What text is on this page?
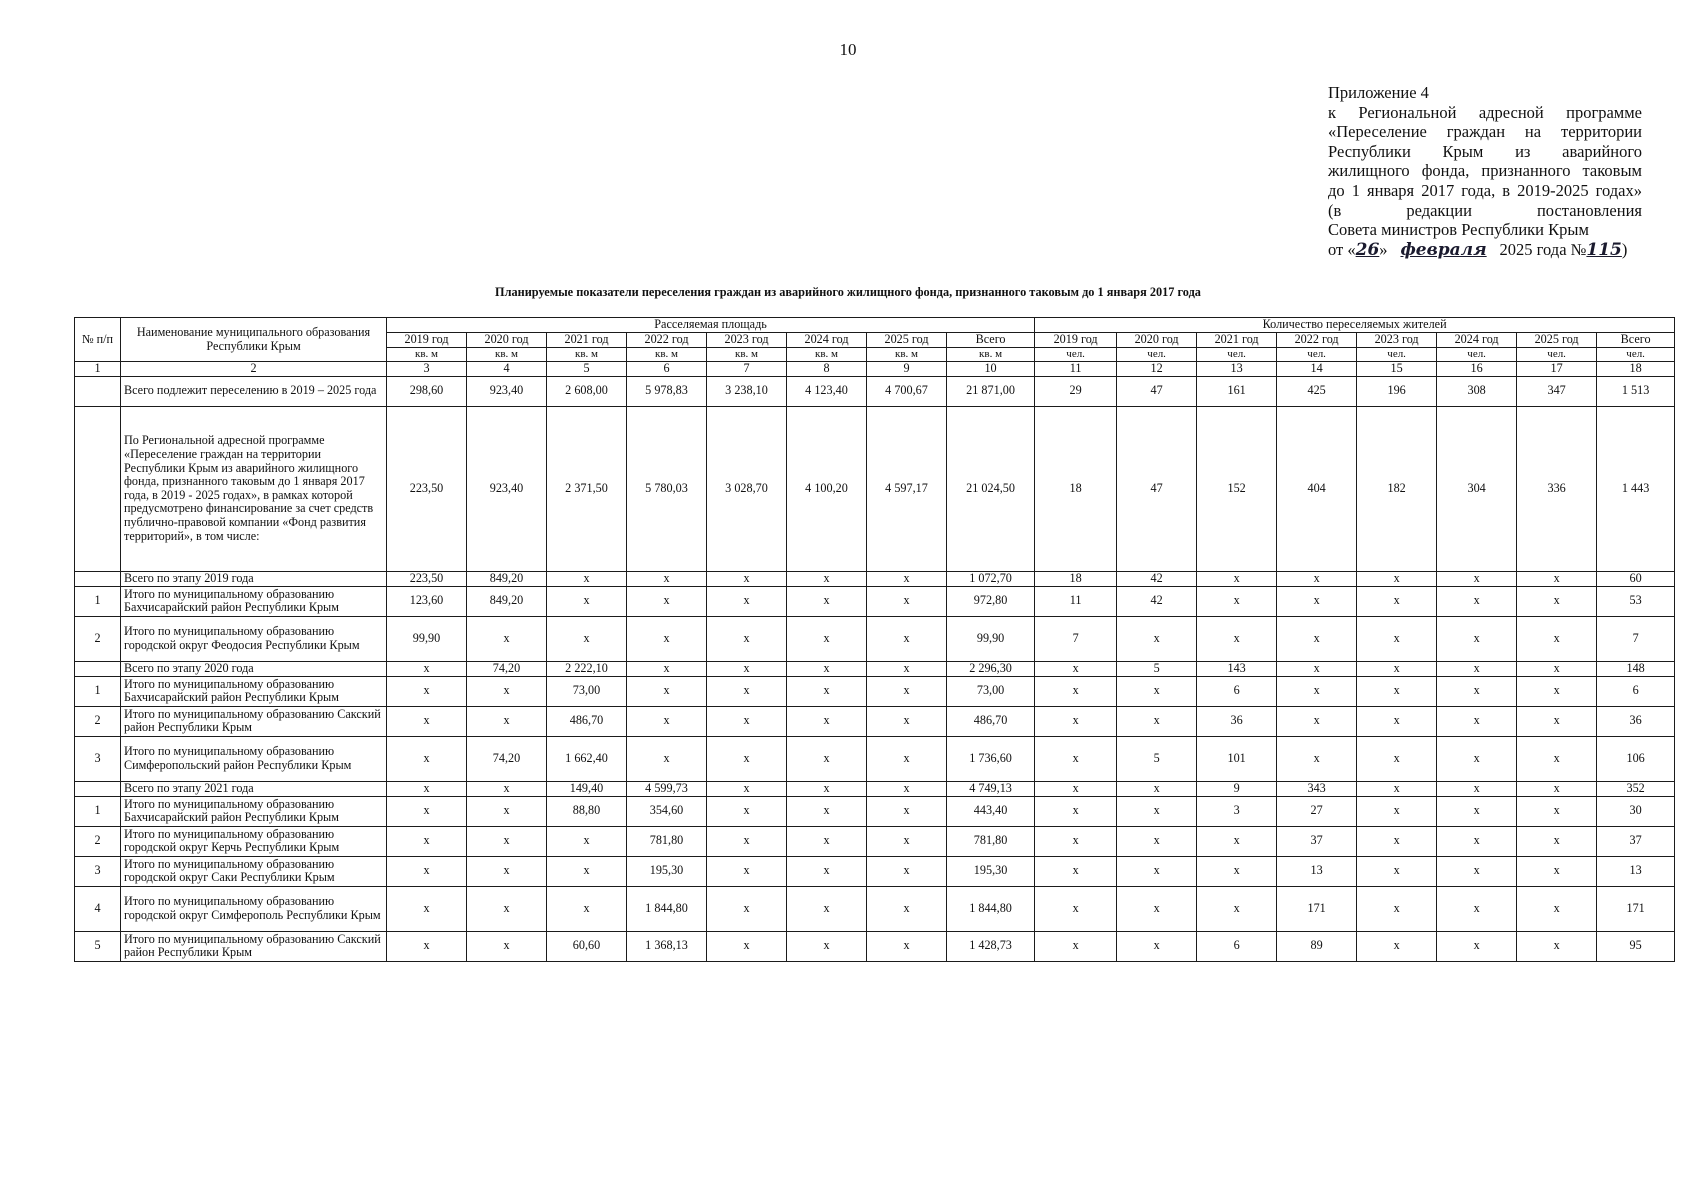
10
Приложение 4
к Региональной адресной программе
«Переселение граждан на территории
Республики Крым из аварийного
жилищного фонда, признанного таковым
до 1 января 2017 года, в 2019-2025 годах»
(в редакции постановления
Совета министров Республики Крым
от « 26 » февраля 2025 года № 115 )
Планируемые показатели переселения граждан из аварийного жилищного фонда, признанного таковым до 1 января 2017 года
№ п/п	Наименование муниципального образования Республики Крым	Расселяемая площадь								Количество переселяемых жителей							
		2019 год	2020 год	2021 год	2022 год	2023 год	2024 год	2025 год	Всего	2019 год	2020 год	2021 год	2022 год	2023 год	2024 год	2025 год	Всего
		кв. м	кв. м	кв. м	кв. м	кв. м	кв. м	кв. м	кв. м	чел.	чел.	чел.	чел.	чел.	чел.	чел.	чел.
1	2	3	4	5	6	7	8	9	10	11	12	13	14	15	16	17	18
	Всего подлежит переселению в 2019 – 2025 года	298,60	923,40	2 608,00	5 978,83	3 238,10	4 123,40	4 700,67	21 871,00	29	47	161	425	196	308	347	1 513
	По Региональной адресной программе «Переселение граждан на территории Республики Крым из аварийного жилищного фонда, признанного таковым до 1 января 2017 года, в 2019 - 2025 годах», в рамках которой предусмотрено финансирование за счет средств публично-правовой компании «Фонд развития территорий», в том числе:	223,50	923,40	2 371,50	5 780,03	3 028,70	4 100,20	4 597,17	21 024,50	18	47	152	404	182	304	336	1 443
	Всего по этапу 2019 года	223,50	849,20	x	x	x	x	x	1 072,70	18	42	x	x	x	x	x	60
1	Итого по муниципальному образованию Бахчисарайский район Республики Крым	123,60	849,20	x	x	x	x	x	972,80	11	42	x	x	x	x	x	53
2	Итого по муниципальному образованию городской округ Феодосия Республики Крым	99,90	x	x	x	x	x	x	99,90	7	x	x	x	x	x	x	7
	Всего по этапу 2020 года	x	74,20	2 222,10	x	x	x	x	2 296,30	x	5	143	x	x	x	x	148
1	Итого по муниципальному образованию Бахчисарайский район Республики Крым	x	x	73,00	x	x	x	x	73,00	x	x	6	x	x	x	x	6
2	Итого по муниципальному образованию Сакский район Республики Крым	x	x	486,70	x	x	x	x	486,70	x	x	36	x	x	x	x	36
3	Итого по муниципальному образованию Симферопольский район Республики Крым	x	74,20	1 662,40	x	x	x	x	1 736,60	x	5	101	x	x	x	x	106
	Всего по этапу 2021 года	x	x	149,40	4 599,73	x	x	x	4 749,13	x	x	9	343	x	x	x	352
1	Итого по муниципальному образованию Бахчисарайский район Республики Крым	x	x	88,80	354,60	x	x	x	443,40	x	x	3	27	x	x	x	30
2	Итого по муниципальному образованию городской округ Керчь Республики Крым	x	x	x	781,80	x	x	x	781,80	x	x	x	37	x	x	x	37
3	Итого по муниципальному образованию городской округ Саки Республики Крым	x	x	x	195,30	x	x	x	195,30	x	x	x	13	x	x	x	13
4	Итого по муниципальному образованию городской округ Симферополь Республики Крым	x	x	x	1 844,80	x	x	x	1 844,80	x	x	x	171	x	x	x	171
5	Итого по муниципальному образованию Сакский район Республики Крым	x	x	60,60	1 368,13	x	x	x	1 428,73	x	x	6	89	x	x	x	95
